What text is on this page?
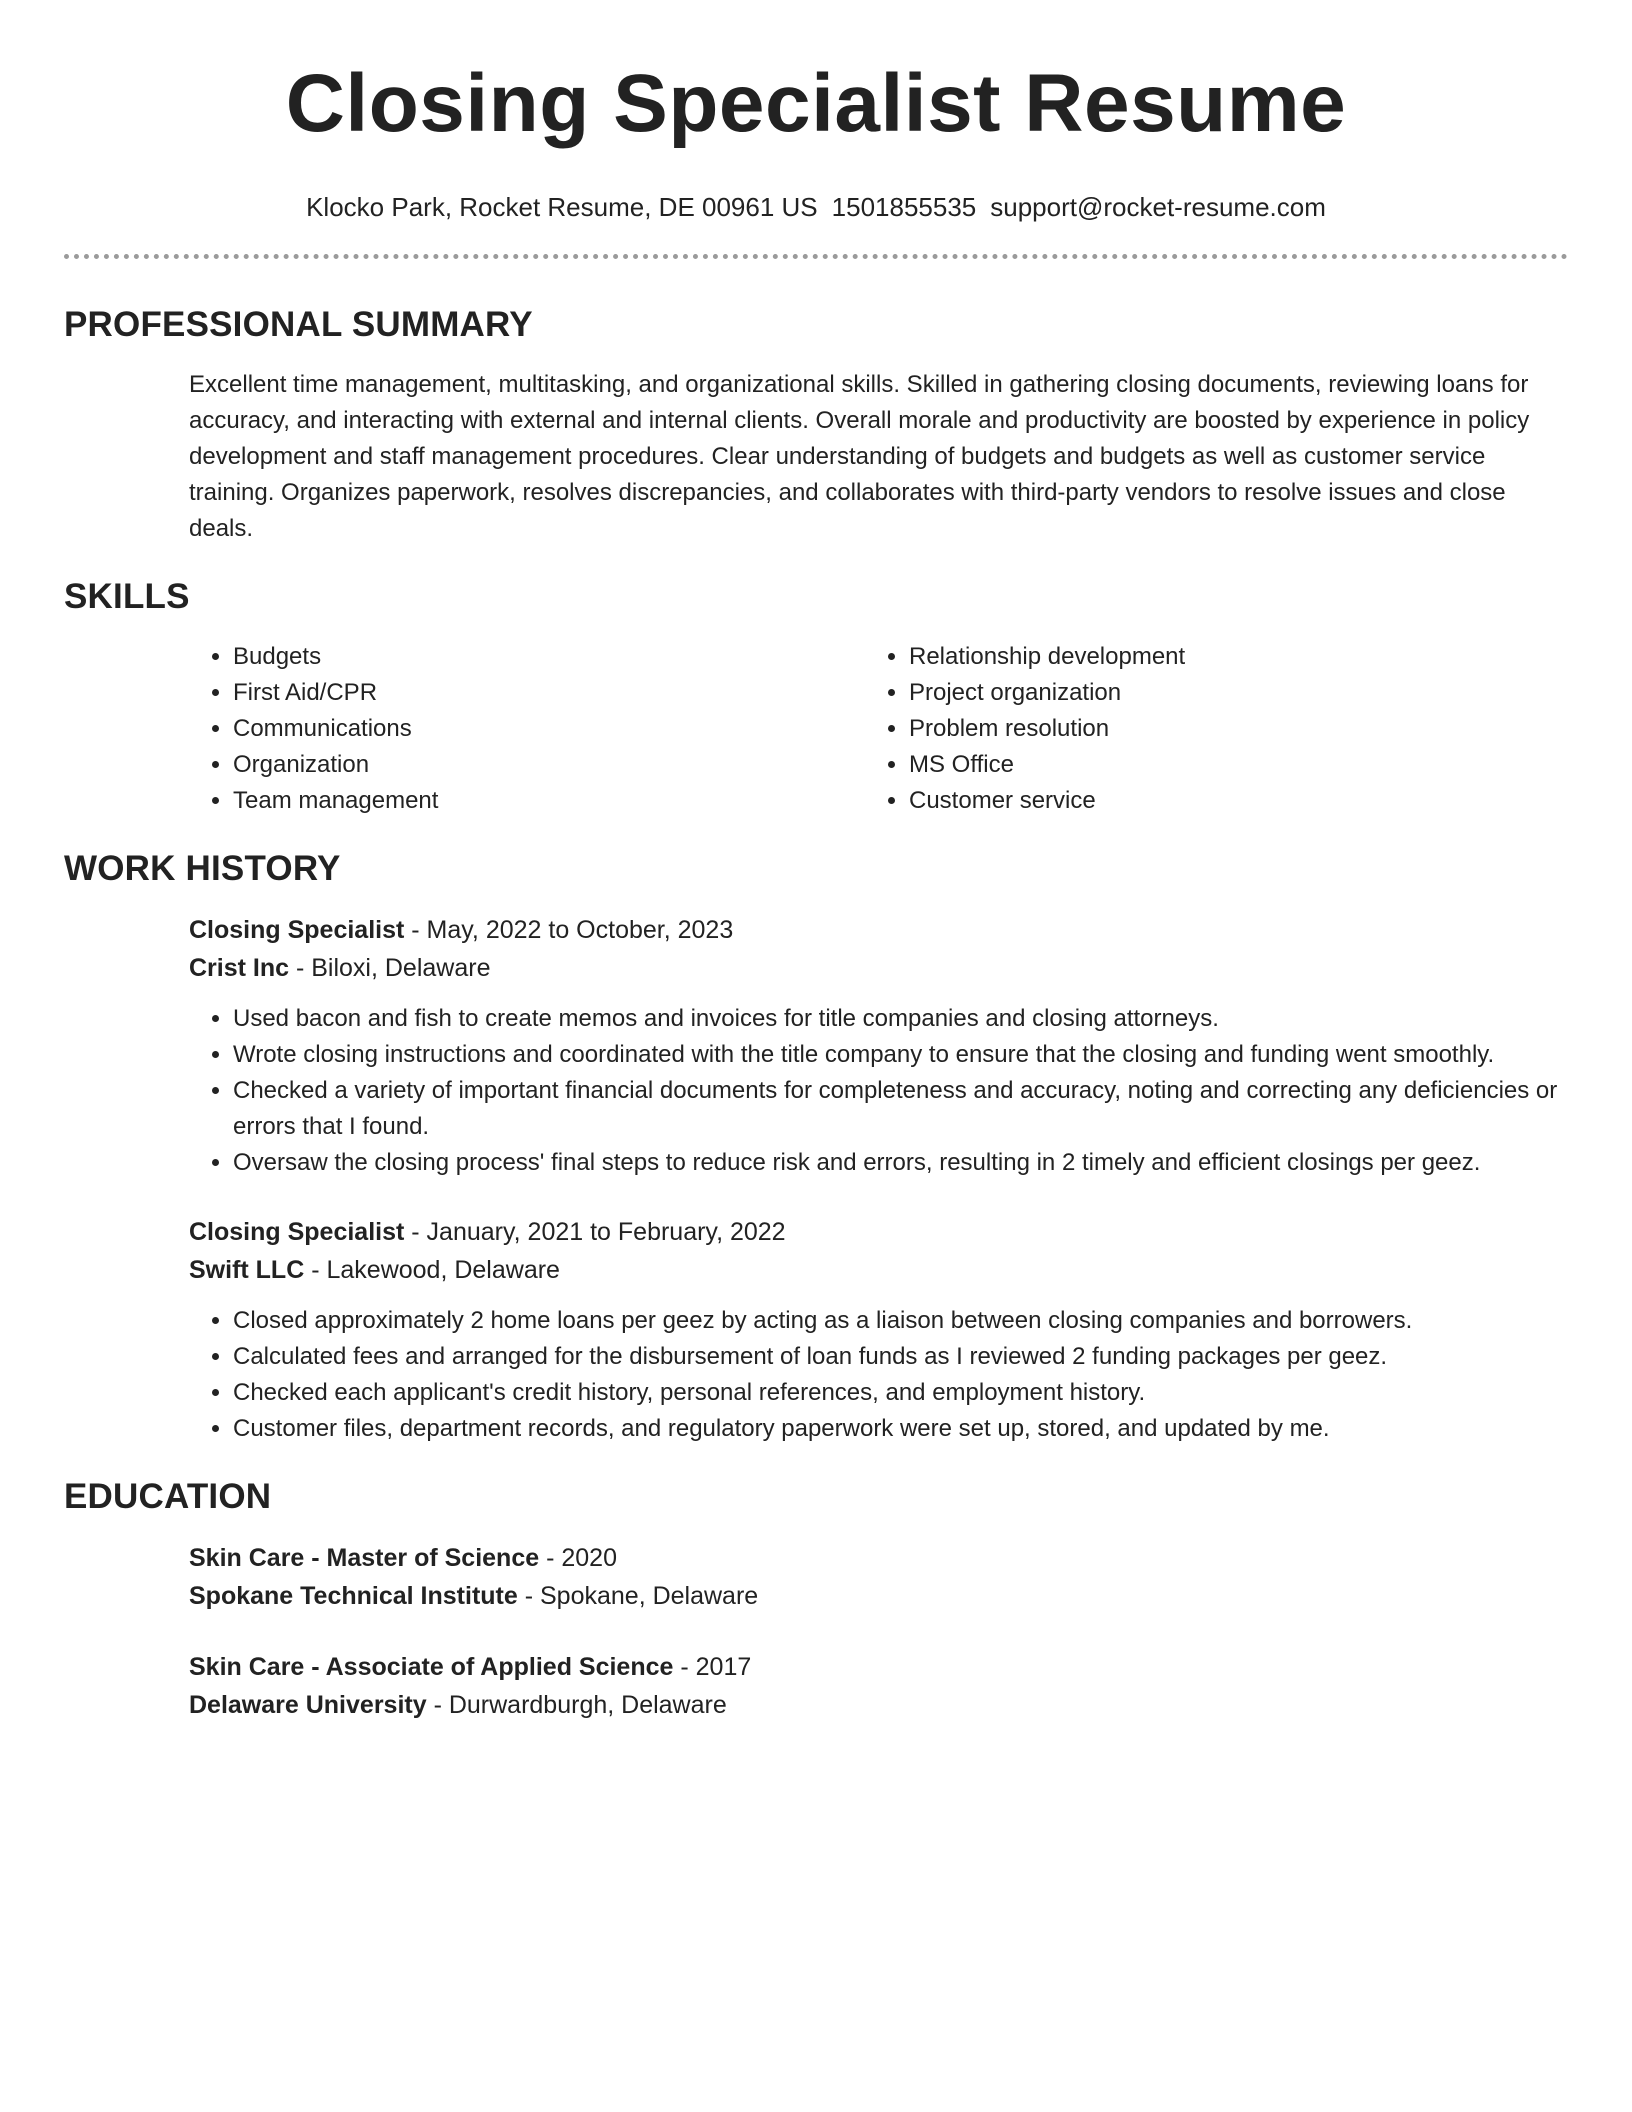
Closing Specialist Resume
Klocko Park, Rocket Resume, DE 00961 US 1501855535 support@rocket-resume.com
PROFESSIONAL SUMMARY

Excellent time management, multitasking, and organizational skills. Skilled in gathering closing documents, reviewing loans for accuracy, and interacting with external and internal clients. Overall morale and productivity are boosted by experience in policy development and staff management procedures. Clear understanding of budgets and budgets as well as customer service training. Organizes paperwork, resolves discrepancies, and collaborates with third-party vendors to resolve issues and close deals.

SKILLS
• Budgets
• First Aid/CPR
• Communications
• Organization
• Team management
• Relationship development
• Project organization
• Problem resolution
• MS Office
• Customer service
WORK HISTORY
Closing Specialist - May, 2022 to October, 2023
Crist Inc - Biloxi, Delaware
• Used bacon and fish to create memos and invoices for title companies and closing attorneys.
• Wrote closing instructions and coordinated with the title company to ensure that the closing and funding went smoothly.
• Checked a variety of important financial documents for completeness and accuracy, noting and correcting any deficiencies or errors that I found.
• Oversaw the closing process' final steps to reduce risk and errors, resulting in 2 timely and efficient closings per geez.
Closing Specialist - January, 2021 to February, 2022
Swift LLC - Lakewood, Delaware
• Closed approximately 2 home loans per geez by acting as a liaison between closing companies and borrowers.
• Calculated fees and arranged for the disbursement of loan funds as I reviewed 2 funding packages per geez.
• Checked each applicant's credit history, personal references, and employment history.
• Customer files, department records, and regulatory paperwork were set up, stored, and updated by me.
EDUCATION
Skin Care - Master of Science - 2020
Spokane Technical Institute - Spokane, Delaware
Skin Care - Associate of Applied Science - 2017
Delaware University - Durwardburgh, Delaware
